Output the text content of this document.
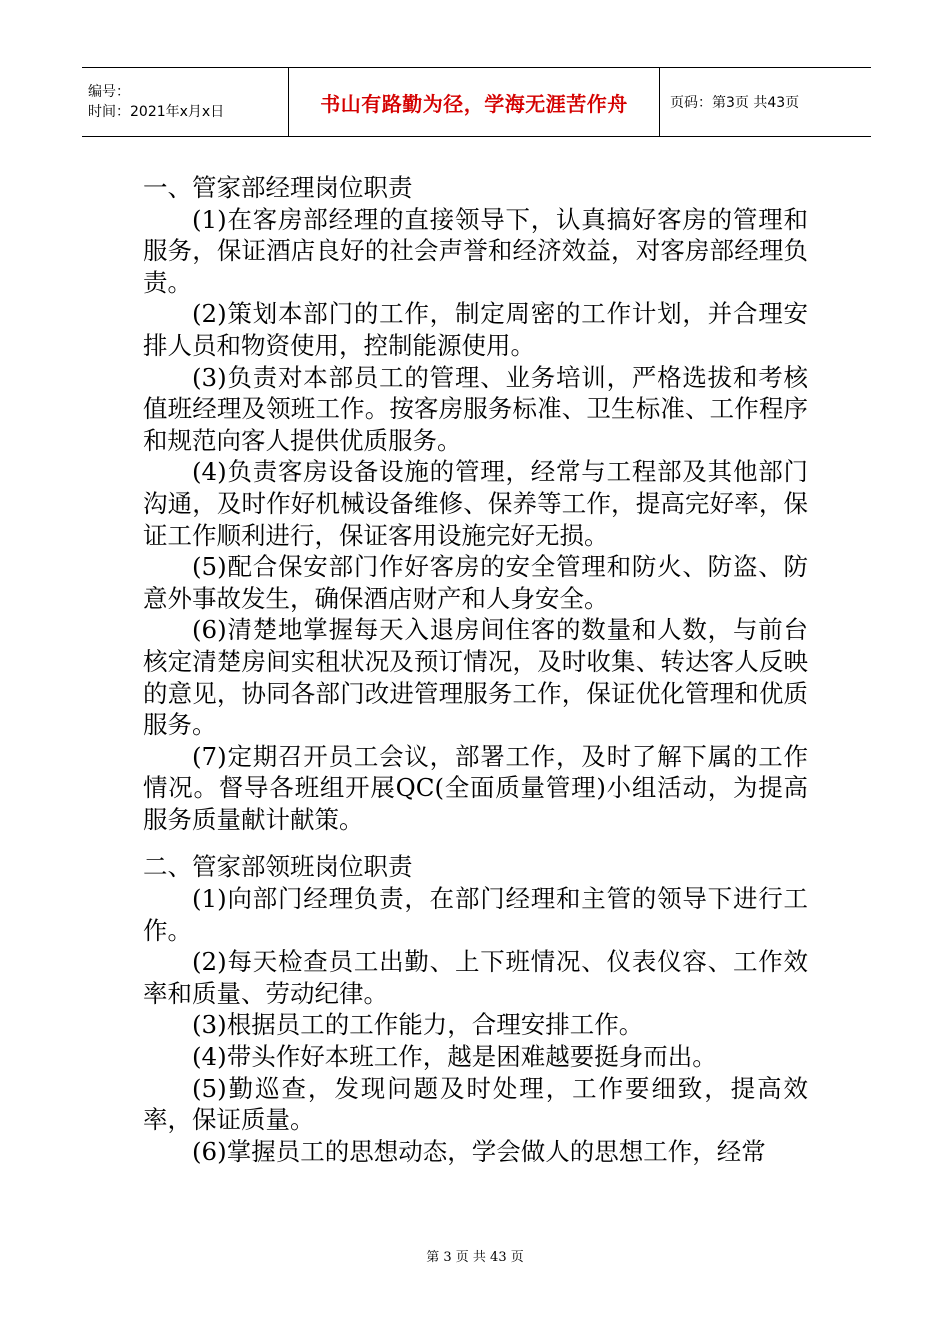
编号：
时间：2021年x月x日	书山有路勤为径，学海无涯苦作舟	页码：第3页 共43页

一、管家部经理岗位职责

(1)在客房部经理的直接领导下，认真搞好客房的管理和服务，保证酒店良好的社会声誉和经济效益，对客房部经理负责。

(2)策划本部门的工作，制定周密的工作计划，并合理安排人员和物资使用，控制能源使用。

(3)负责对本部员工的管理、业务培训，严格选拔和考核值班经理及领班工作。按客房服务标准、卫生标准、工作程序和规范向客人提供优质服务。

(4)负责客房设备设施的管理，经常与工程部及其他部门沟通，及时作好机械设备维修、保养等工作，提高完好率，保证工作顺利进行，保证客用设施完好无损。

(5)配合保安部门作好客房的安全管理和防火、防盗、防意外事故发生，确保酒店财产和人身安全。

(6)清楚地掌握每天入退房间住客的数量和人数，与前台核定清楚房间实租状况及预订情况，及时收集、转达客人反映的意见，协同各部门改进管理服务工作，保证优化管理和优质服务。

(7)定期召开员工会议，部署工作，及时了解下属的工作情况。督导各班组开展QC(全面质量管理)小组活动，为提高服务质量献计献策。

二、管家部领班岗位职责

(1)向部门经理负责，在部门经理和主管的领导下进行工作。

(2)每天检查员工出勤、上下班情况、仪表仪容、工作效率和质量、劳动纪律。

(3)根据员工的工作能力，合理安排工作。

(4)带头作好本班工作，越是困难越要挺身而出。

(5)勤巡查，发现问题及时处理，工作要细致，提高效率，保证质量。

(6)掌握员工的思想动态，学会做人的思想工作，经常

第 3 页 共 43 页
